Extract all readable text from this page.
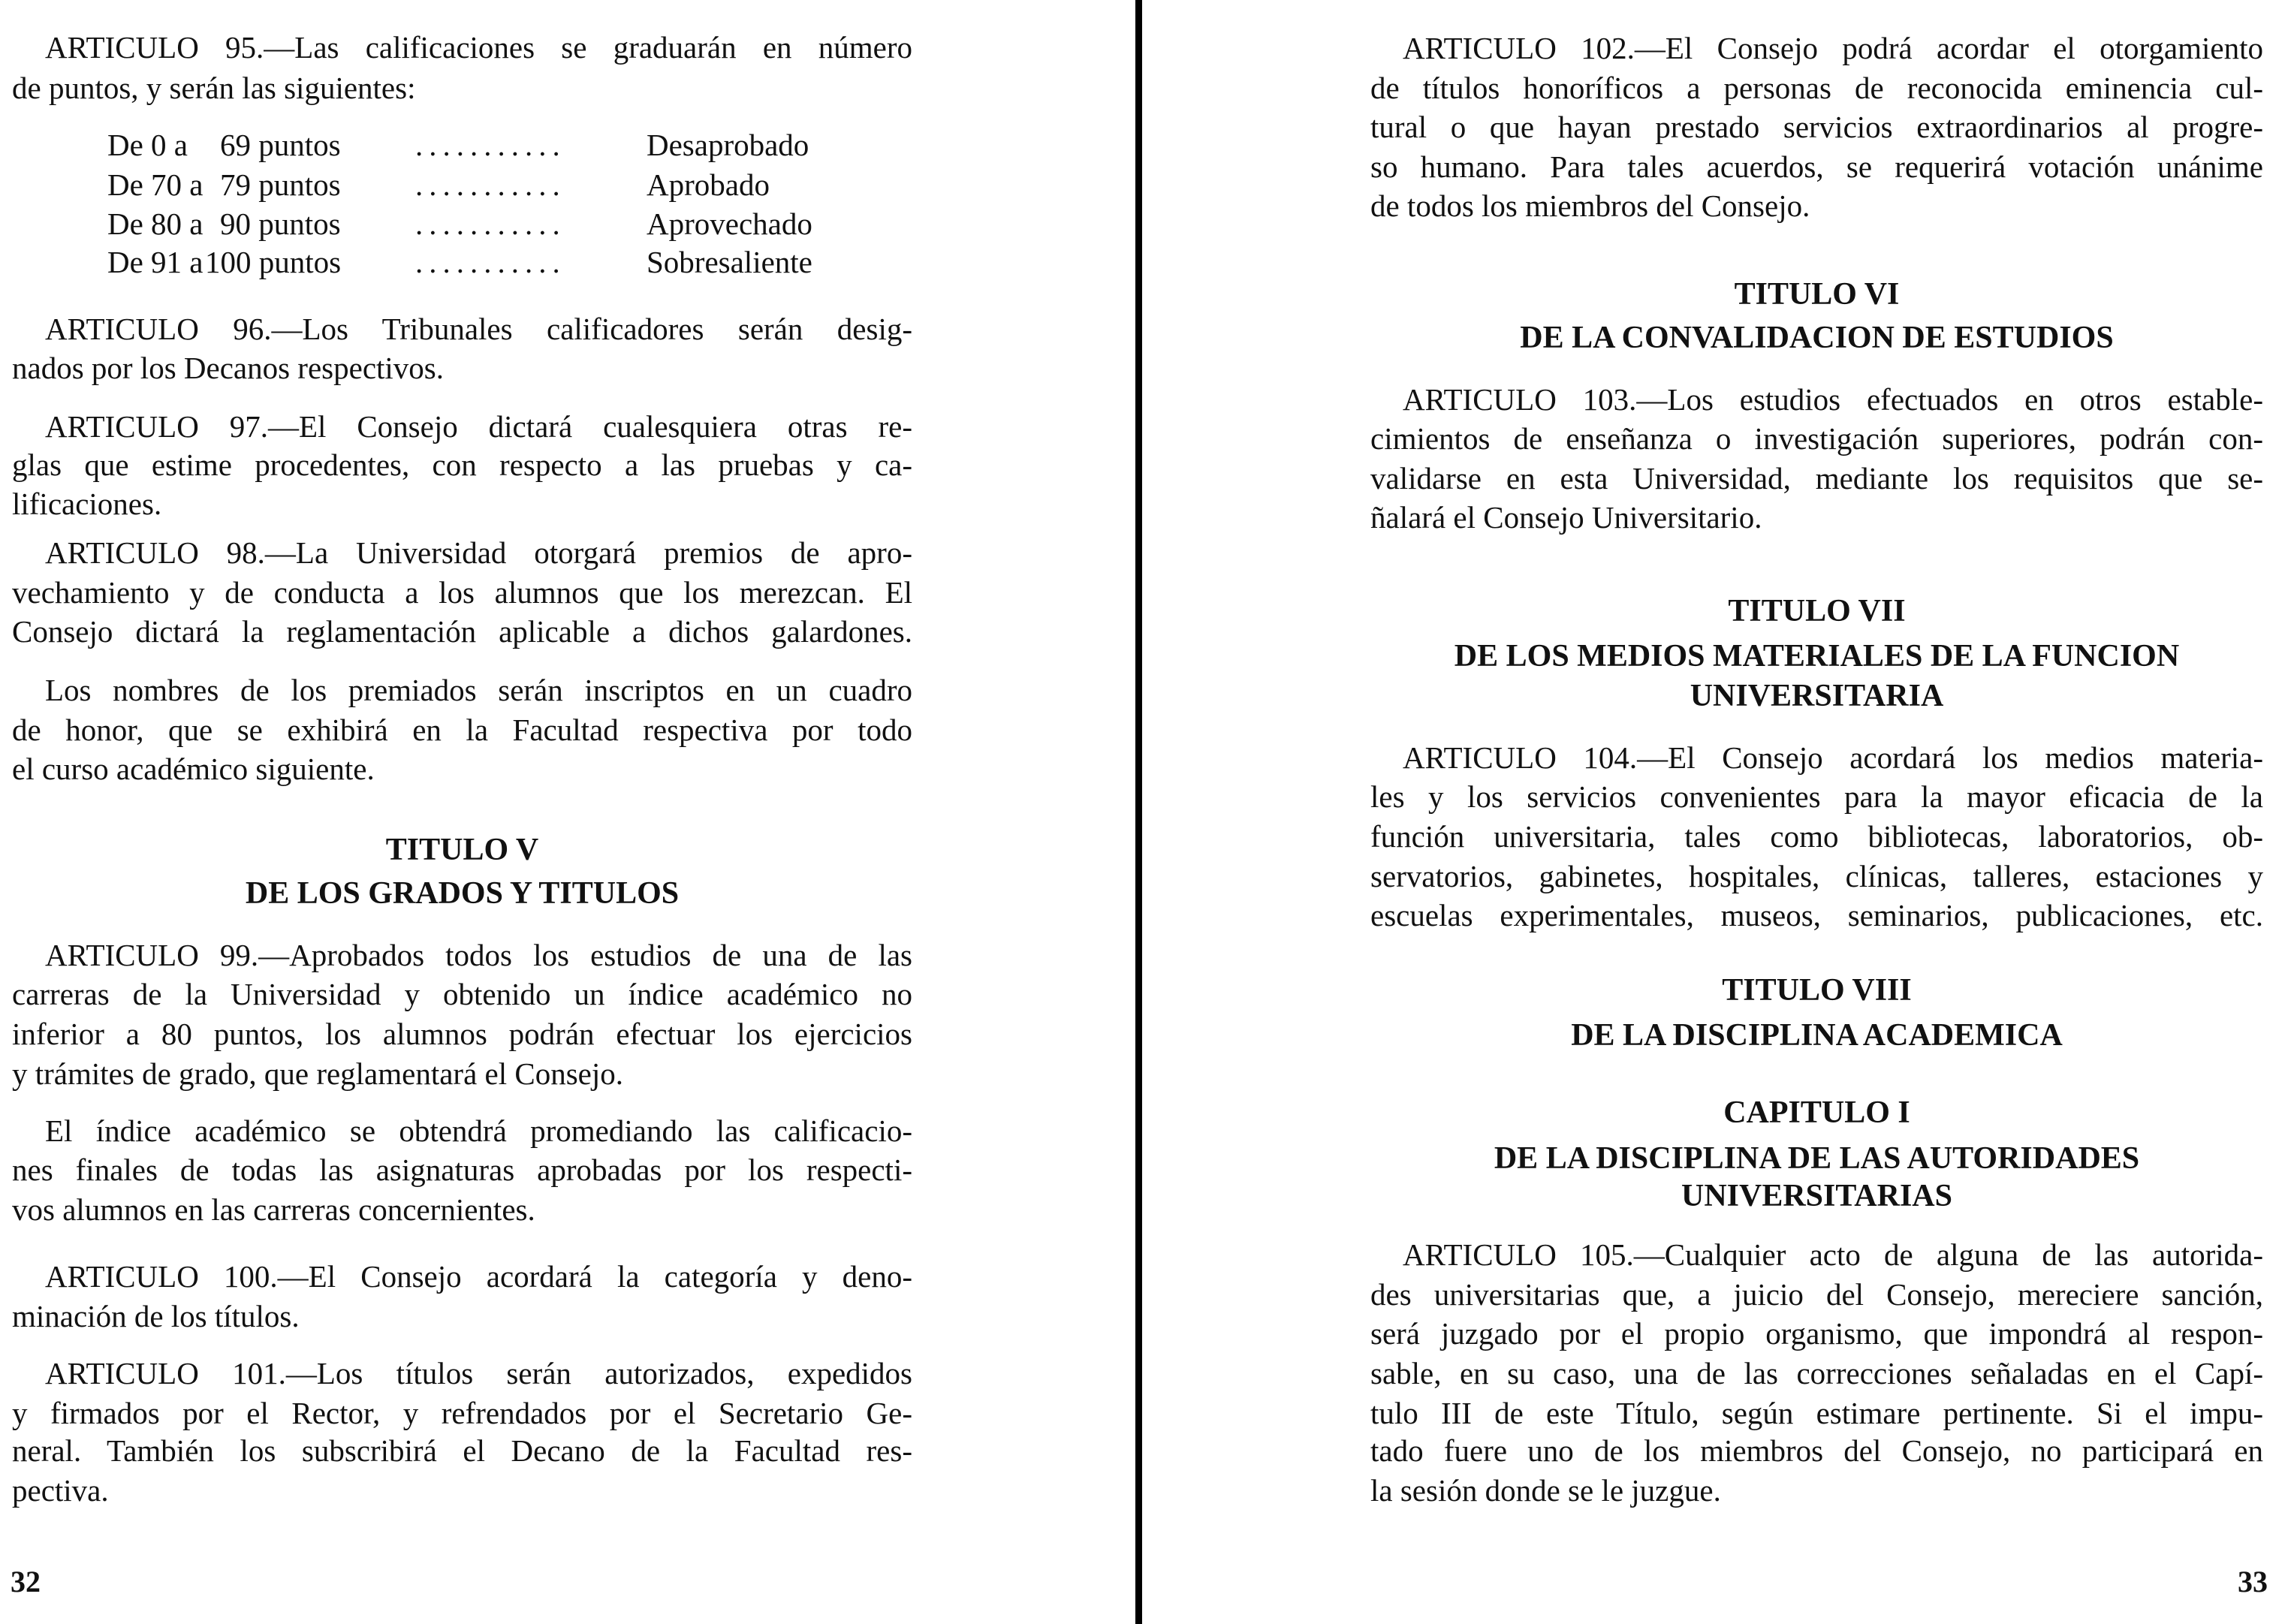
ARTICULO 95.—Las calificaciones se graduarán en número
de puntos, y serán las siguientes:
De 0 a 69 puntos ...........	Desaprobado
De 70 a 79 puntos ...........	Aprobado
De 80 a 90 puntos ...........	Aprovechado
De 91 a 100 puntos ...........	Sobresaliente
ARTICULO 96.—Los Tribunales calificadores serán desig-
nados por los Decanos respectivos.
ARTICULO 97.—El Consejo dictará cualesquiera otras re-
glas que estime procedentes, con respecto a las pruebas y ca-
lificaciones.
ARTICULO 98.—La Universidad otorgará premios de apro-
vechamiento y de conducta a los alumnos que los merezcan. El
Consejo dictará la reglamentación aplicable a dichos galardones.
Los nombres de los premiados serán inscriptos en un cuadro
de honor, que se exhibirá en la Facultad respectiva por todo
el curso académico siguiente.
TITULO V
DE LOS GRADOS Y TITULOS
ARTICULO 99.—Aprobados todos los estudios de una de las
carreras de la Universidad y obtenido un índice académico no
inferior a 80 puntos, los alumnos podrán efectuar los ejercicios
y trámites de grado, que reglamentará el Consejo.
El índice académico se obtendrá promediando las calificacio-
nes finales de todas las asignaturas aprobadas por los respecti-
vos alumnos en las carreras concernientes.
ARTICULO 100.—El Consejo acordará la categoría y deno-
minación de los títulos.
ARTICULO 101.—Los títulos serán autorizados, expedidos
y firmados por el Rector, y refrendados por el Secretario Ge-
neral. También los subscribirá el Decano de la Facultad res-
pectiva.
32
ARTICULO 102.—El Consejo podrá acordar el otorgamiento
de títulos honoríficos a personas de reconocida eminencia cul-
tural o que hayan prestado servicios extraordinarios al progre-
so humano. Para tales acuerdos, se requerirá votación unánime
de todos los miembros del Consejo.
TITULO VI
DE LA CONVALIDACION DE ESTUDIOS
ARTICULO 103.—Los estudios efectuados en otros estable-
cimientos de enseñanza o investigación superiores, podrán con-
validarse en esta Universidad, mediante los requisitos que se-
ñalará el Consejo Universitario.
TITULO VII
DE LOS MEDIOS MATERIALES DE LA FUNCION
UNIVERSITARIA
ARTICULO 104.—El Consejo acordará los medios materia-
les y los servicios convenientes para la mayor eficacia de la
función universitaria, tales como bibliotecas, laboratorios, ob-
servatorios, gabinetes, hospitales, clínicas, talleres, estaciones y
escuelas experimentales, museos, seminarios, publicaciones, etc.
TITULO VIII
DE LA DISCIPLINA ACADEMICA
CAPITULO I
DE LA DISCIPLINA DE LAS AUTORIDADES
UNIVERSITARIAS
ARTICULO 105.—Cualquier acto de alguna de las autorida-
des universitarias que, a juicio del Consejo, mereciere sanción,
será juzgado por el propio organismo, que impondrá al respon-
sable, en su caso, una de las correcciones señaladas en el Capí-
tulo III de este Título, según estimare pertinente. Si el impu-
tado fuere uno de los miembros del Consejo, no participará en
la sesión donde se le juzgue.
33
